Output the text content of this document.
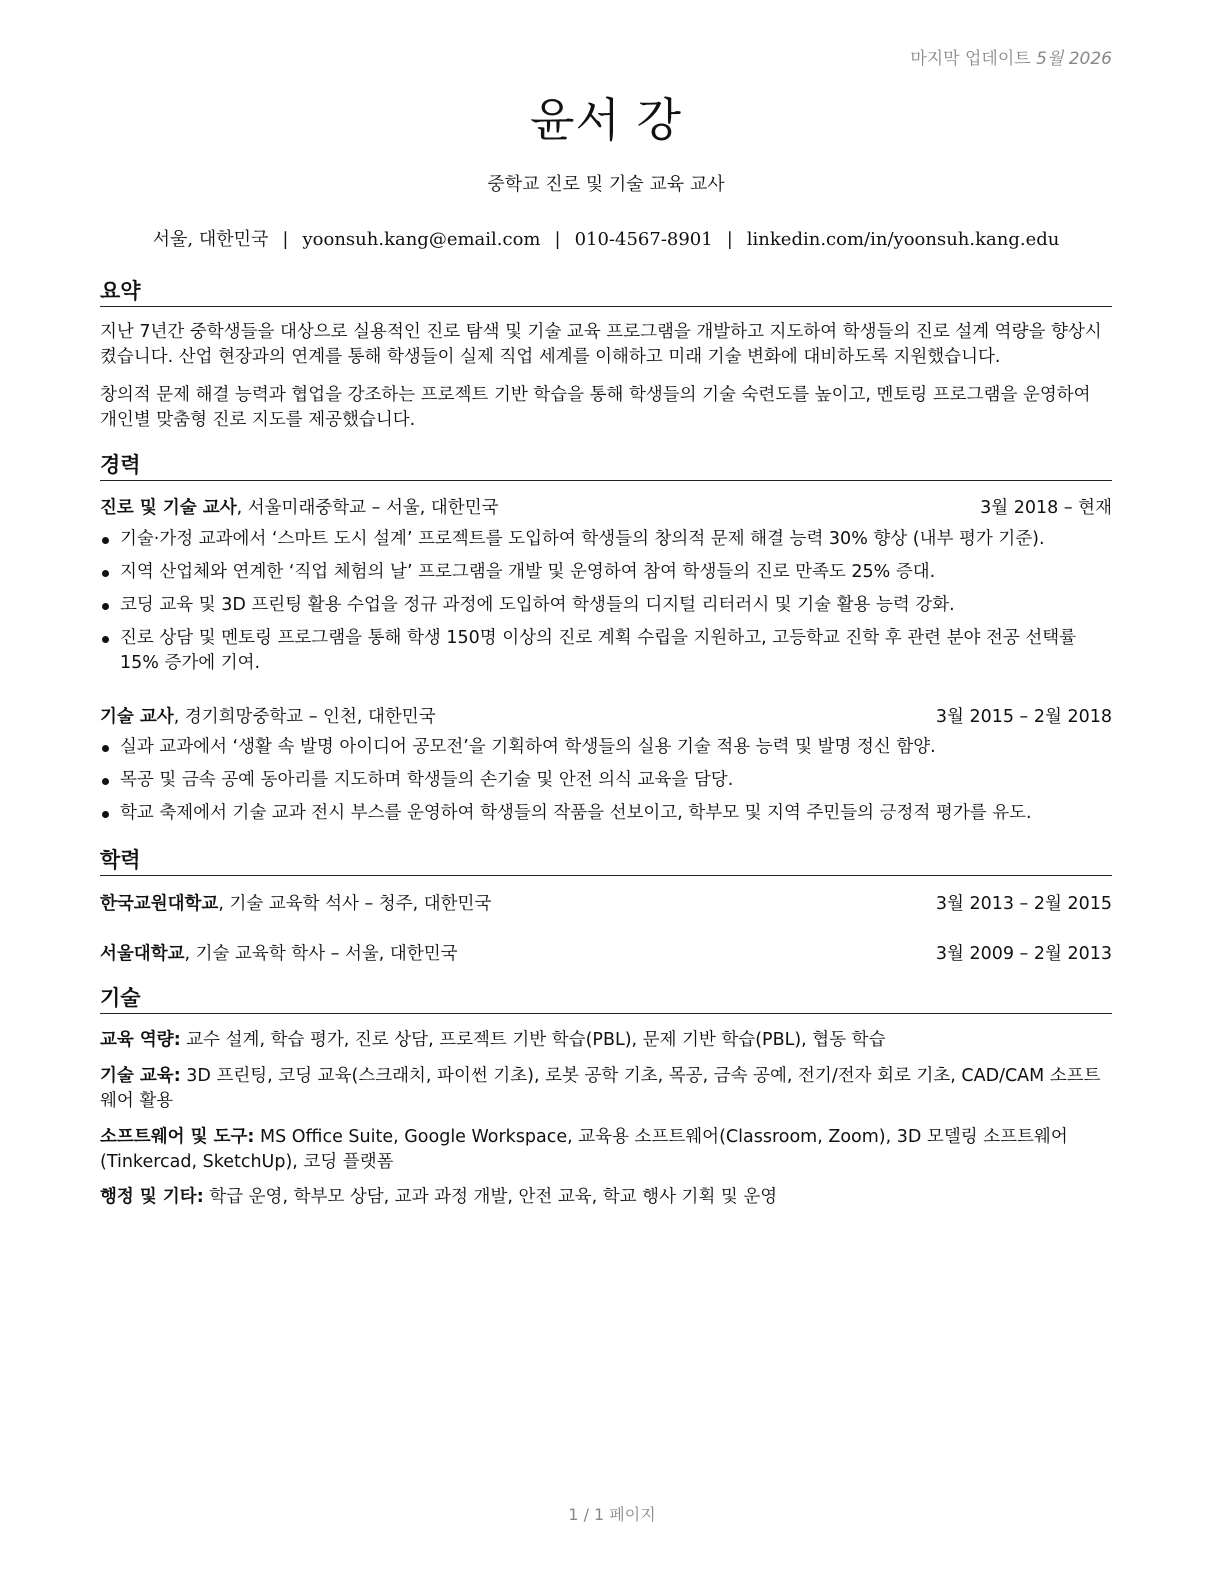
마지막 업데이트 5월 2026
윤서 강
중학교 진로 및 기술 교육 교사
서울, 대한민국 | yoonsuh.kang@email.com | 010-4567-8901 | linkedin.com/in/yoonsuh.kang.edu
요약

지난 7년간 중학생들을 대상으로 실용적인 진로 탐색 및 기술 교육 프로그램을 개발하고 지도하여 학생들의 진로 설계 역량을 향상시켰습니다. 산업 현장과의 연계를 통해 학생들이 실제 직업 세계를 이해하고 미래 기술 변화에 대비하도록 지원했습니다.

창의적 문제 해결 능력과 협업을 강조하는 프로젝트 기반 학습을 통해 학생들의 기술 숙련도를 높이고, 멘토링 프로그램을 운영하여 개인별 맞춤형 진로 지도를 제공했습니다.

경력
진로 및 기술 교사, 서울미래중학교 – 서울, 대한민국	3월 2018 – 현재
기술·가정 교과에서 ‘스마트 도시 설계’ 프로젝트를 도입하여 학생들의 창의적 문제 해결 능력 30% 향상 (내부 평가 기준).
지역 산업체와 연계한 ‘직업 체험의 날’ 프로그램을 개발 및 운영하여 참여 학생들의 진로 만족도 25% 증대.
코딩 교육 및 3D 프린팅 활용 수업을 정규 과정에 도입하여 학생들의 디지털 리터러시 및 기술 활용 능력 강화.
진로 상담 및 멘토링 프로그램을 통해 학생 150명 이상의 진로 계획 수립을 지원하고, 고등학교 진학 후 관련 분야 전공 선택률 15% 증가에 기여.
기술 교사, 경기희망중학교 – 인천, 대한민국	3월 2015 – 2월 2018
실과 교과에서 ‘생활 속 발명 아이디어 공모전’을 기획하여 학생들의 실용 기술 적용 능력 및 발명 정신 함양.
목공 및 금속 공예 동아리를 지도하며 학생들의 손기술 및 안전 의식 교육을 담당.
학교 축제에서 기술 교과 전시 부스를 운영하여 학생들의 작품을 선보이고, 학부모 및 지역 주민들의 긍정적 평가를 유도.
학력
한국교원대학교, 기술 교육학 석사 – 청주, 대한민국	3월 2013 – 2월 2015
서울대학교, 기술 교육학 학사 – 서울, 대한민국	3월 2009 – 2월 2013
기술

교육 역량: 교수 설계, 학습 평가, 진로 상담, 프로젝트 기반 학습(PBL), 문제 기반 학습(PBL), 협동 학습

기술 교육: 3D 프린팅, 코딩 교육(스크래치, 파이썬 기초), 로봇 공학 기초, 목공, 금속 공예, 전기/전자 회로 기초, CAD/CAM 소프트웨어 활용

소프트웨어 및 도구: MS Office Suite, Google Workspace, 교육용 소프트웨어(Classroom, Zoom), 3D 모델링 소프트웨어 (Tinkercad, SketchUp), 코딩 플랫폼

행정 및 기타: 학급 운영, 학부모 상담, 교과 과정 개발, 안전 교육, 학교 행사 기획 및 운영

1 / 1 페이지
